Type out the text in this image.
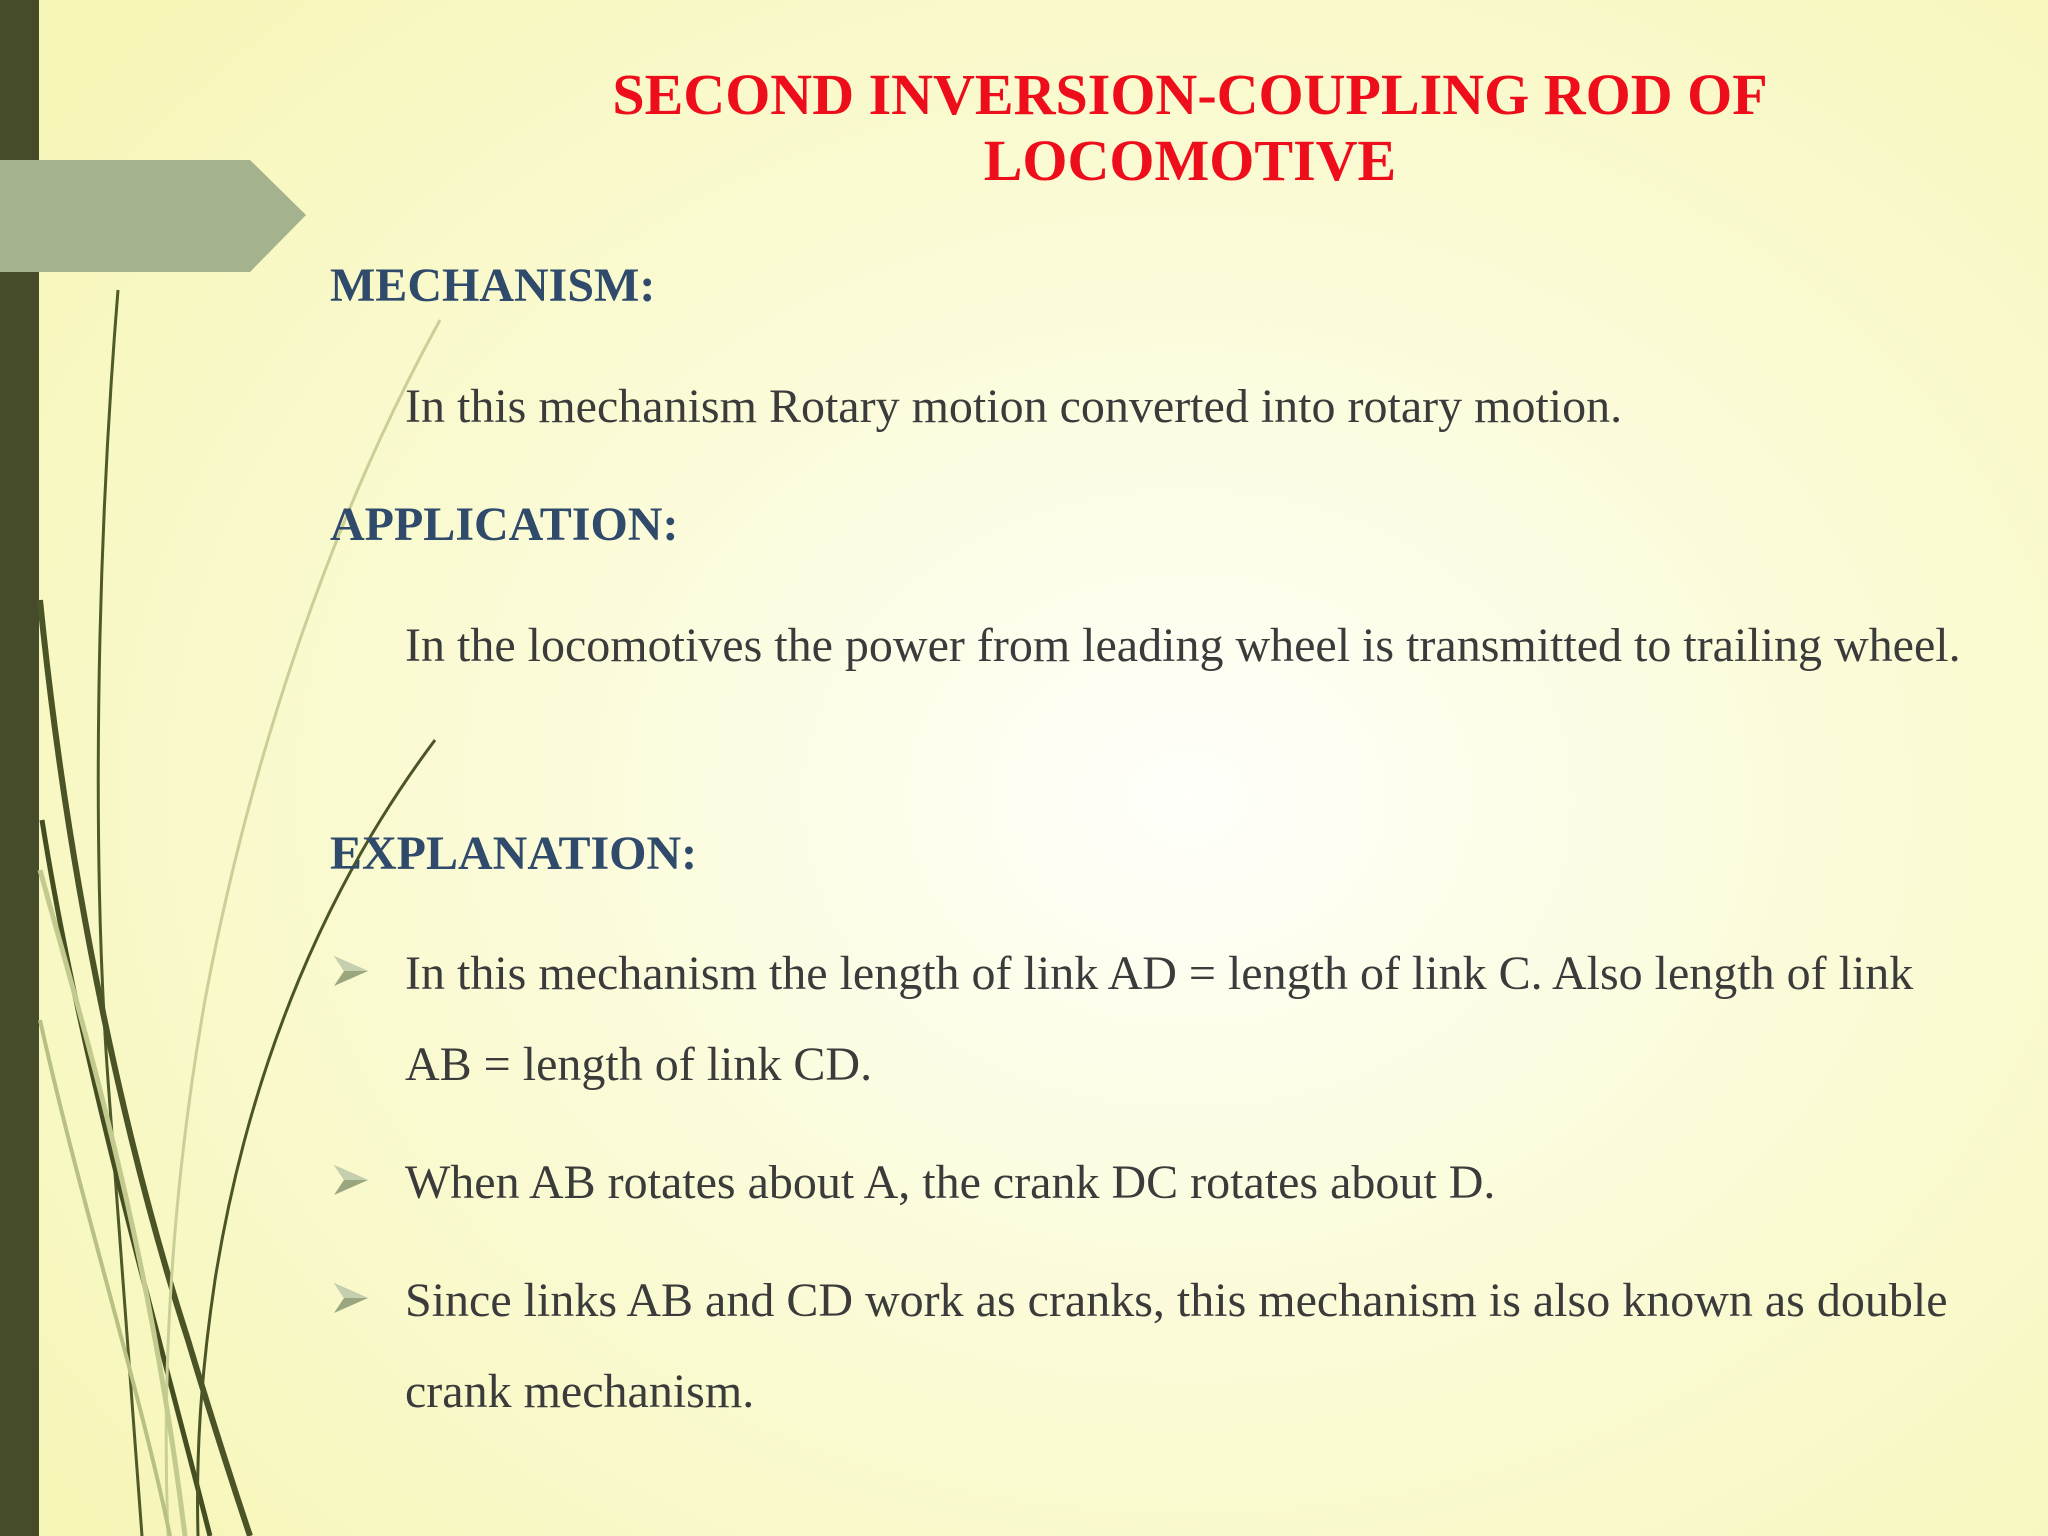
SECOND INVERSION-COUPLING ROD OF
LOCOMOTIVE
MECHANISM:

In this mechanism Rotary motion converted into rotary motion.

APPLICATION:

In the locomotives the power from leading wheel is transmitted to trailing wheel.

EXPLANATION:
In this mechanism the length of link AD = length of link C. Also length of link AB = length of link CD.
When AB rotates about A, the crank DC rotates about D.
Since links AB and CD work as cranks, this mechanism is also known as double crank mechanism.
